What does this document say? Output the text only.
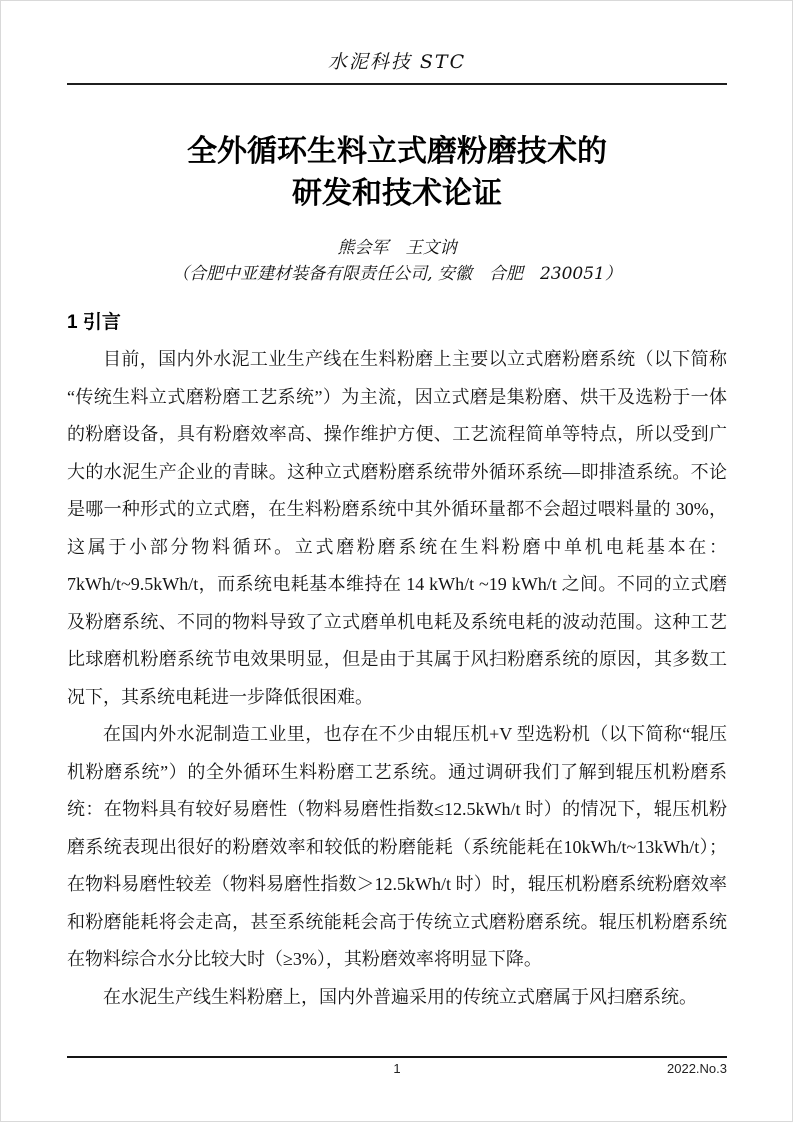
水泥科技 STC
全外循环生料立式磨粉磨技术的
研发和技术论证
熊会军　王文讷
（合肥中亚建材装备有限责任公司, 安徽　合肥　230051）
1 引言

目前，国内外水泥工业生产线在生料粉磨上主要以立式磨粉磨系统（以下简称“传统生料立式磨粉磨工艺系统”）为主流，因立式磨是集粉磨、烘干及选粉于一体的粉磨设备，具有粉磨效率高、操作维护方便、工艺流程简单等特点，所以受到广大的水泥生产企业的青睐。这种立式磨粉磨系统带外循环系统—即排渣系统。不论是哪一种形式的立式磨，在生料粉磨系统中其外循环量都不会超过喂料量的 30%，这属于小部分物料循环。立式磨粉磨系统在生料粉磨中单机电耗基本在：7kWh/t~9.5kWh/t，而系统电耗基本维持在 14 kWh/t ~19 kWh/t 之间。不同的立式磨及粉磨系统、不同的物料导致了立式磨单机电耗及系统电耗的波动范围。这种工艺比球磨机粉磨系统节电效果明显，但是由于其属于风扫粉磨系统的原因，其多数工况下，其系统电耗进一步降低很困难。

在国内外水泥制造工业里，也存在不少由辊压机+V 型选粉机（以下简称“辊压机粉磨系统”）的全外循环生料粉磨工艺系统。通过调研我们了解到辊压机粉磨系统：在物料具有较好易磨性（物料易磨性指数≤12.5kWh/t 时）的情况下，辊压机粉磨系统表现出很好的粉磨效率和较低的粉磨能耗（系统能耗在10kWh/t~13kWh/t）；在物料易磨性较差（物料易磨性指数＞12.5kWh/t 时）时，辊压机粉磨系统粉磨效率和粉磨能耗将会走高，甚至系统能耗会高于传统立式磨粉磨系统。辊压机粉磨系统在物料综合水分比较大时（≥3%），其粉磨效率将明显下降。

在水泥生产线生料粉磨上，国内外普遍采用的传统立式磨属于风扫磨系统。

1	2022.No.3
